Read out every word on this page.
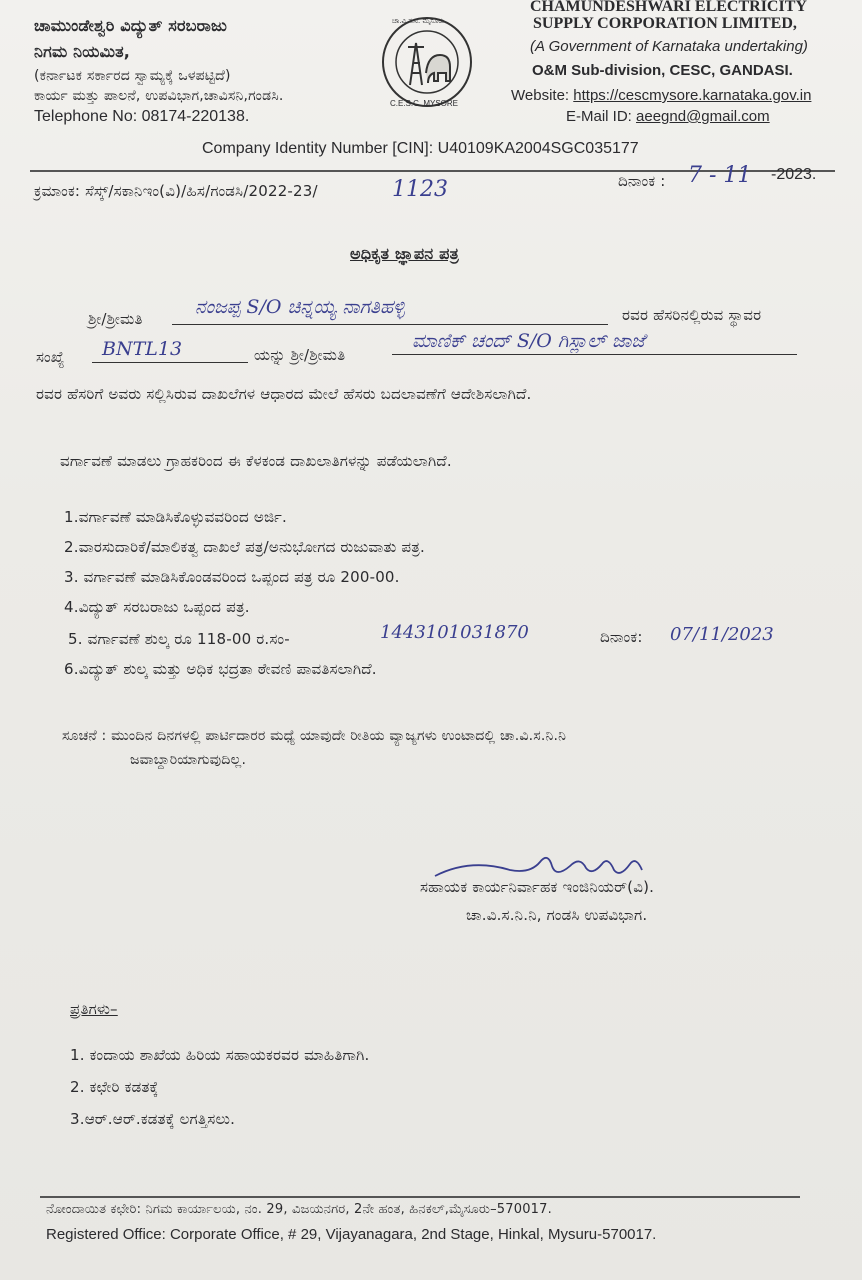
ಚಾಮುಂಡೇಶ್ವರಿ ವಿದ್ಯುತ್ ಸರಬರಾಜು
ನಿಗಮ ನಿಯಮಿತ,
(ಕರ್ನಾಟಕ ಸರ್ಕಾರದ ಸ್ವಾಮ್ಯಕ್ಕೆ ಒಳಪಟ್ಟಿದೆ)
ಕಾರ್ಯ ಮತ್ತು ಪಾಲನೆ, ಉಪವಿಭಾಗ,ಚಾವಿಸನಿ,ಗಂಡಸಿ.
Telephone No: 08174-220138.
ಚಾ.ವಿ.ಸ.ನಿ. ಮೈಸೂರು
C.E.S.C. MYSORE
CHAMUNDESHWARI ELECTRICITY
SUPPLY CORPORATION LIMITED,
(A Government of Karnataka undertaking)
O&M Sub-division, CESC, GANDASI.
Website: https://cescmysore.karnataka.gov.in
E-Mail ID: aeegnd@gmail.com
Company Identity Number [CIN]: U40109KA2004SGC035177
ಕ್ರಮಾಂಕ: ಸೆಸ್ಕ್/ಸಕಾನಿಇಂ(ವಿ)/ಹಿಸ/ಗಂಡಸಿ/2022-23/	1123	ದಿನಾಂಕ : 7 - 11 -2023.
ಅಧಿಕೃತ ಜ್ಞಾಪನ ಪತ್ರ
ಶ್ರೀ/ಶ್ರೀಮತಿ
ನಂಜಪ್ಪ S/O ಚಿನ್ನಯ್ಯ ನಾಗತಿಹಳ್ಳಿ	ರವರ ಹೆಸರಿನಲ್ಲಿರುವ ಸ್ಥಾವರ
ಸಂಖ್ಯೆ BNTL13	ಯನ್ನು ಶ್ರೀ/ಶ್ರೀಮತಿ
ಮಾಣಿಕ್ ಚಂದ್ S/O ಗಿಸ್ಲಾಲ್ ಜಾಜೆ
ರವರ ಹೆಸರಿಗೆ ಅವರು ಸಲ್ಲಿಸಿರುವ ದಾಖಲೆಗಳ ಆಧಾರದ ಮೇಲೆ ಹೆಸರು ಬದಲಾವಣೆಗೆ ಆದೇಶಿಸಲಾಗಿದೆ.
ವರ್ಗಾವಣೆ ಮಾಡಲು ಗ್ರಾಹಕರಿಂದ ಈ ಕೆಳಕಂಡ ದಾಖಲಾತಿಗಳನ್ನು ಪಡೆಯಲಾಗಿದೆ.
1.ವರ್ಗಾವಣೆ ಮಾಡಿಸಿಕೊಳ್ಳುವವರಿಂದ ಅರ್ಜಿ.
2.ವಾರಸುದಾರಿಕೆ/ಮಾಲಿಕತ್ವ ದಾಖಲೆ ಪತ್ರ/ಅನುಭೋಗದ ರುಜುವಾತು ಪತ್ರ.
3. ವರ್ಗಾವಣೆ ಮಾಡಿಸಿಕೊಂಡವರಿಂದ ಒಪ್ಪಂದ ಪತ್ರ ರೂ 200-00.
4.ವಿದ್ಯುತ್ ಸರಬರಾಜು ಒಪ್ಪಂದ ಪತ್ರ.
5. ವರ್ಗಾವಣೆ ಶುಲ್ಕ ರೂ 118-00 ರ.ಸಂ-	1443101031870	ದಿನಾಂಕ: 07/11/2023
6.ವಿದ್ಯುತ್ ಶುಲ್ಕ ಮತ್ತು ಅಧಿಕ ಭದ್ರತಾ ಠೇವಣಿ ಪಾವತಿಸಲಾಗಿದೆ.
ಸೂಚನೆ : ಮುಂದಿನ ದಿನಗಳಲ್ಲಿ ಪಾರ್ಟಿದಾರರ ಮಧ್ಯೆ ಯಾವುದೇ ರೀತಿಯ ವ್ಯಾಜ್ಯಗಳು ಉಂಟಾದಲ್ಲಿ ಚಾ.ವಿ.ಸ.ನಿ.ನಿ
ಜವಾಬ್ದಾರಿಯಾಗುವುದಿಲ್ಲ.
ಸಹಾಯಕ ಕಾರ್ಯನಿರ್ವಾಹಕ ಇಂಜಿನಿಯರ್(ವಿ).
ಚಾ.ವಿ.ಸ.ನಿ.ನಿ, ಗಂಡಸಿ ಉಪವಿಭಾಗ.
ಪ್ರತಿಗಳು–
1. ಕಂದಾಯ ಶಾಖೆಯ ಹಿರಿಯ ಸಹಾಯಕರವರ ಮಾಹಿತಿಗಾಗಿ.
2. ಕಛೇರಿ ಕಡತಕ್ಕೆ
3.ಆರ್.ಆರ್.ಕಡತಕ್ಕೆ ಲಗತ್ತಿಸಲು.
ನೋಂದಾಯಿತ ಕಛೇರಿ: ನಿಗಮ ಕಾರ್ಯಾಲಯ, ನಂ. 29, ವಿಜಯನಗರ, 2ನೇ ಹಂತ, ಹಿನಕಲ್,ಮೈಸೂರು–570017.
Registered Office: Corporate Office, # 29, Vijayanagara, 2nd Stage, Hinkal, Mysuru-570017.
